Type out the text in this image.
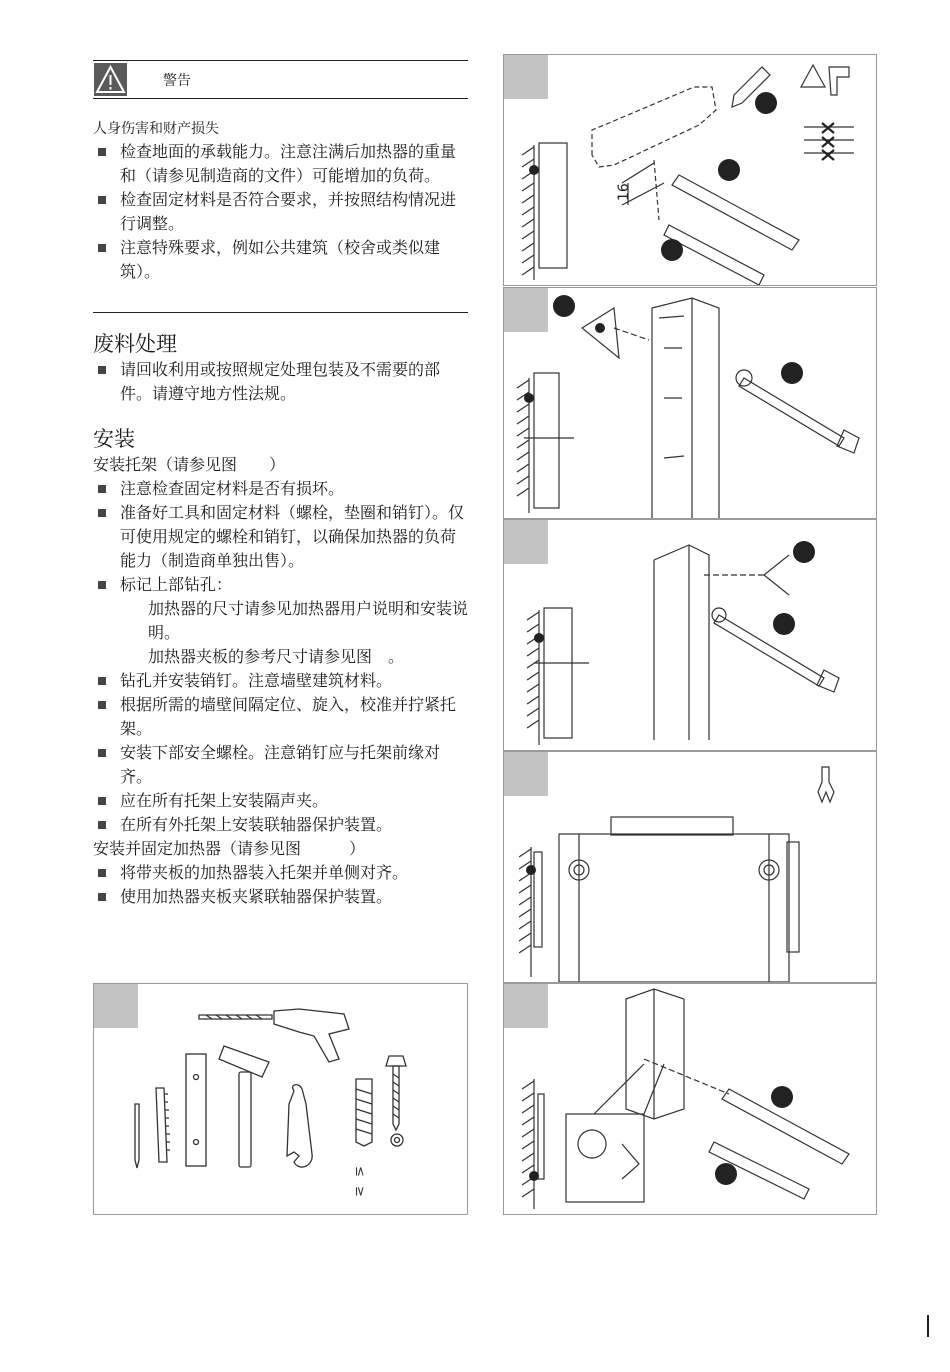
警告
人身伤害和财产损失
检查地面的承载能力。注意注满后加热器的重量和（请参见制造商的文件）可能增加的负荷。
检查固定材料是否符合要求，并按照结构情况进行调整。
注意特殊要求，例如公共建筑（校舍或类似建筑）。
废料处理
请回收利用或按照规定处理包装及不需要的部件。请遵守地方性法规。
安装
安装托架（请参见图　　）
注意检查固定材料是否有损坏。
准备好工具和固定材料（螺栓，垫圈和销钉）。仅可使用规定的螺栓和销钉，以确保加热器的负荷能力（制造商单独出售）。
标记上部钻孔：
加热器的尺寸请参见加热器用户说明和安装说明。
加热器夹板的参考尺寸请参见图　。
钻孔并安装销钉。注意墙壁建筑材料。
根据所需的墙壁间隔定位、旋入，校准并拧紧托架。
安装下部安全螺栓。注意销钉应与托架前缘对齐。
应在所有托架上安装隔声夹。
在所有外托架上安装联轴器保护装置。
安装并固定加热器（请参见图　　　）
将带夹板的加热器装入托架并单侧对齐。
使用加热器夹板夹紧联轴器保护装置。
≤
≥
16
